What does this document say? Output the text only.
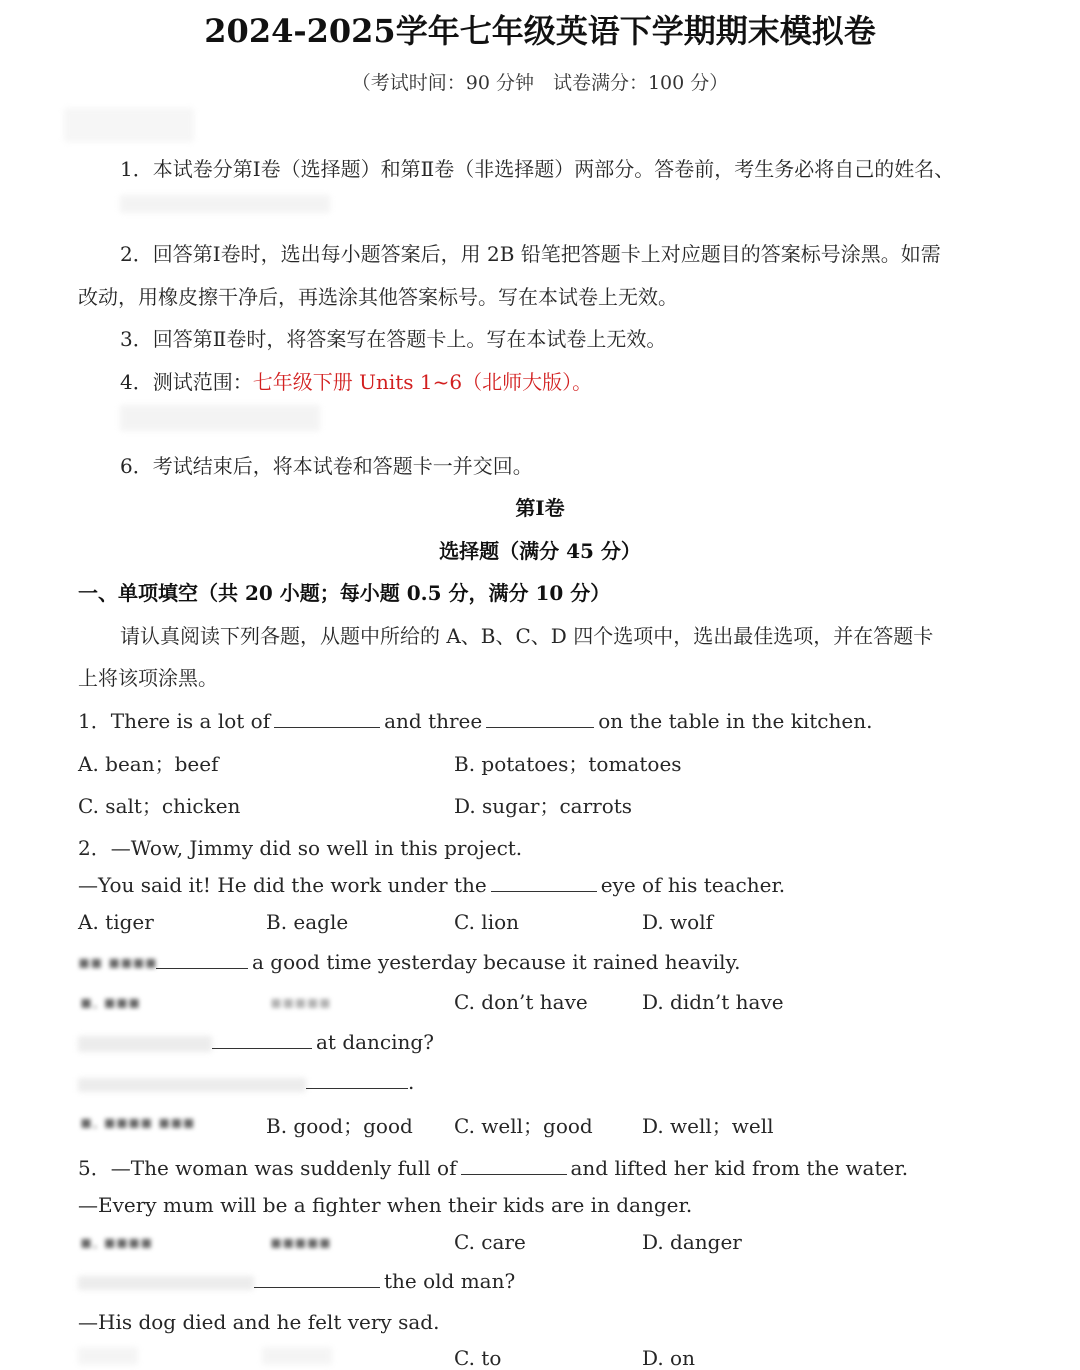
2024-2025学年七年级英语下学期期末模拟卷
（考试时间：90 分钟　试卷满分：100 分）
1．本试卷分第Ⅰ卷（选择题）和第Ⅱ卷（非选择题）两部分。答卷前，考生务必将自己的姓名、
2．回答第Ⅰ卷时，选出每小题答案后，用 2B 铅笔把答题卡上对应题目的答案标号涂黑。如需
改动，用橡皮擦干净后，再选涂其他答案标号。写在本试卷上无效。
3．回答第Ⅱ卷时，将答案写在答题卡上。写在本试卷上无效。
4．测试范围：七年级下册 Units 1~6（北师大版）。
6．考试结束后，将本试卷和答题卡一并交回。
第Ⅰ卷
选择题（满分 45 分）
一、单项填空（共 20 小题；每小题 0.5 分，满分 10 分）
请认真阅读下列各题，从题中所给的 A、B、C、D 四个选项中，选出最佳选项，并在答题卡
上将该项涂黑。
1．There is a lot of	and three	on the table in the kitchen.
A. bean；beef	B. potatoes；tomatoes
C. salt；chicken	D. sugar；carrots
2．—Wow, Jimmy did so well in this project.
—You said it! He did the work under the	eye of his teacher.
A. tiger	B. eagle	C. lion	D. wolf
▪▪ ▪▪▪▪	a good time yesterday because it rained heavily.
▪. ▪▪▪	▪▪▪▪▪	C. don’t have	D. didn’t have
at dancing?
.
▪. ▪▪▪▪ ▪▪▪	B. good；good C. well；good D. well；well
5．—The woman was suddenly full of	and lifted her kid from the water.
—Every mum will be a fighter when their kids are in danger.
▪. ▪▪▪▪	▪▪▪▪▪	C. care	D. danger
the old man?
—His dog died and he felt very sad.
C. to	D. on
